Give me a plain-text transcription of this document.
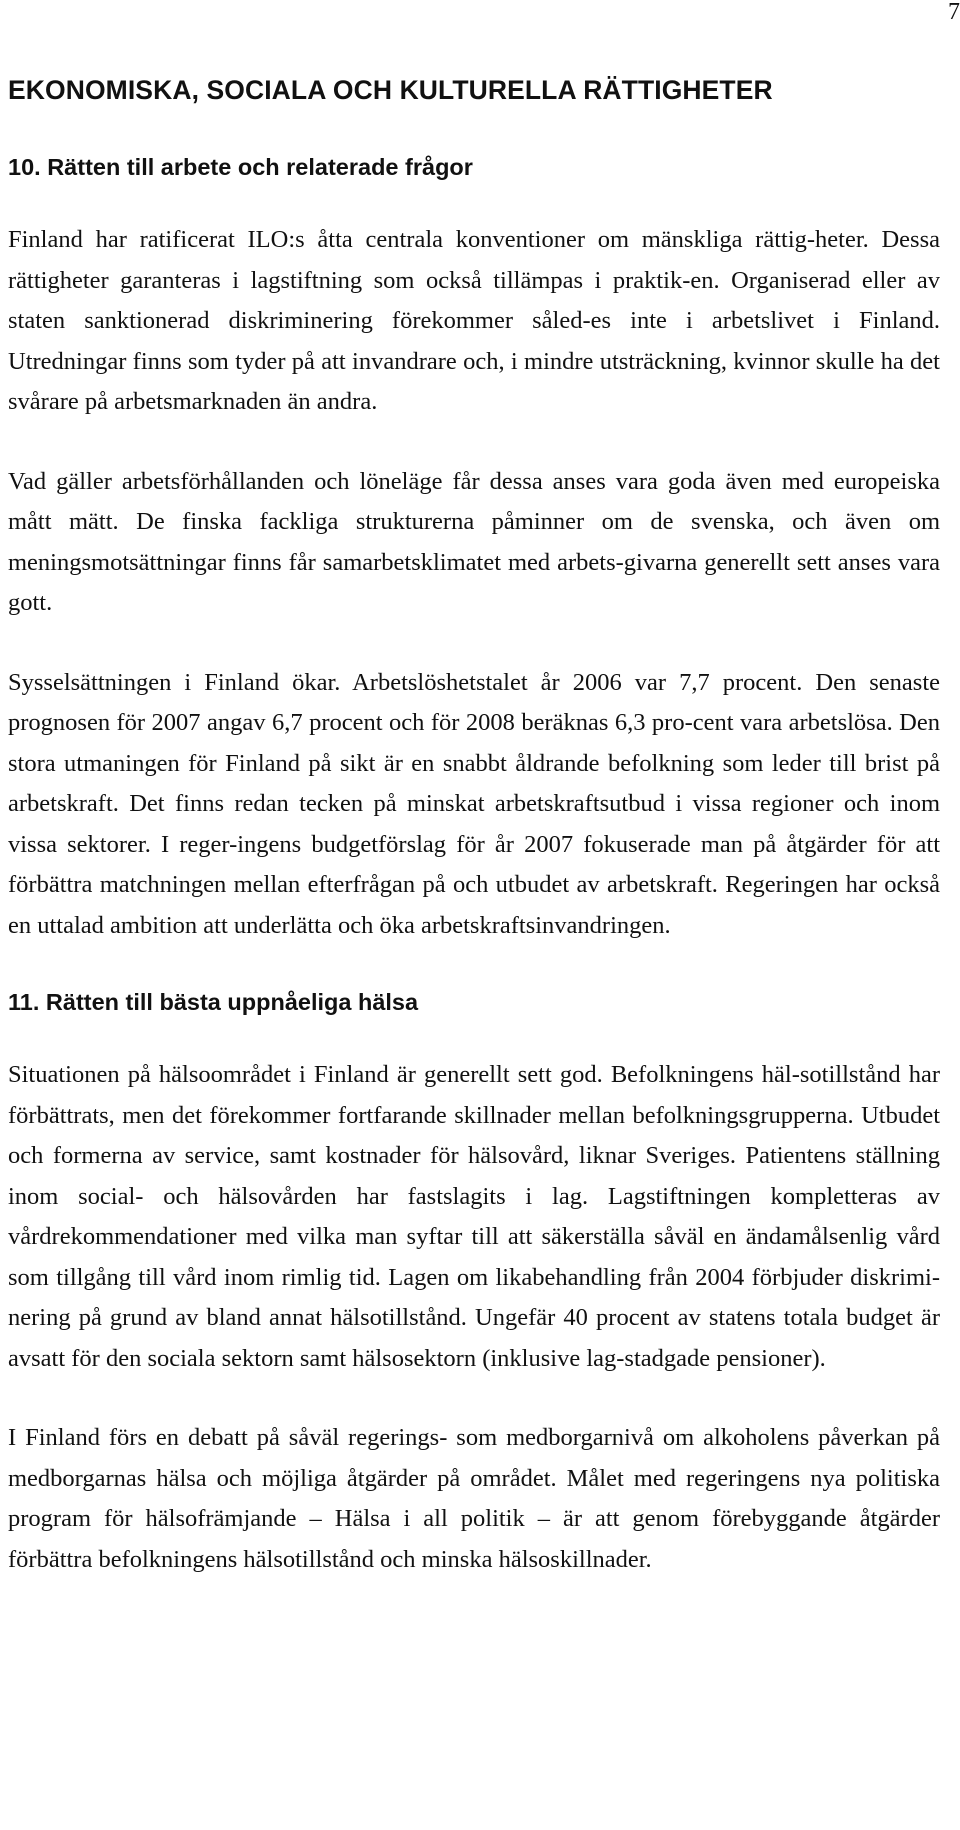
7
EKONOMISKA, SOCIALA OCH KULTURELLA RÄTTIGHETER
10. Rätten till arbete och relaterade frågor

Finland har ratificerat ILO:s åtta centrala konventioner om mänskliga rättig-heter. Dessa rättigheter garanteras i lagstiftning som också tillämpas i praktik-en. Organiserad eller av staten sanktionerad diskriminering förekommer såled-es inte i arbetslivet i Finland. Utredningar finns som tyder på att invandrare och, i mindre utsträckning, kvinnor skulle ha det svårare på arbetsmarknaden än andra.

Vad gäller arbetsförhållanden och löneläge får dessa anses vara goda även med europeiska mått mätt. De finska fackliga strukturerna påminner om de svenska, och även om meningsmotsättningar finns får samarbetsklimatet med arbets-givarna generellt sett anses vara gott.

Sysselsättningen i Finland ökar. Arbetslöshetstalet år 2006 var 7,7 procent. Den senaste prognosen för 2007 angav 6,7 procent och för 2008 beräknas 6,3 pro-cent vara arbetslösa. Den stora utmaningen för Finland på sikt är en snabbt åldrande befolkning som leder till brist på arbetskraft. Det finns redan tecken på minskat arbetskraftsutbud i vissa regioner och inom vissa sektorer. I reger-ingens budgetförslag för år 2007 fokuserade man på åtgärder för att förbättra matchningen mellan efterfrågan på och utbudet av arbetskraft. Regeringen har också en uttalad ambition att underlätta och öka arbetskraftsinvandringen.

11. Rätten till bästa uppnåeliga hälsa

Situationen på hälsoområdet i Finland är generellt sett god. Befolkningens häl-sotillstånd har förbättrats, men det förekommer fortfarande skillnader mellan befolkningsgrupperna. Utbudet och formerna av service, samt kostnader för hälsovård, liknar Sveriges. Patientens ställning inom social- och hälsovården har fastslagits i lag. Lagstiftningen kompletteras av vårdrekommendationer med vilka man syftar till att säkerställa såväl en ändamålsenlig vård som tillgång till vård inom rimlig tid. Lagen om likabehandling från 2004 förbjuder diskrimi-nering på grund av bland annat hälsotillstånd. Ungefär 40 procent av statens totala budget är avsatt för den sociala sektorn samt hälsosektorn (inklusive lag-stadgade pensioner).

I Finland förs en debatt på såväl regerings- som medborgarnivå om alkoholens påverkan på medborgarnas hälsa och möjliga åtgärder på området. Målet med regeringens nya politiska program för hälsofrämjande – Hälsa i all politik – är att genom förebyggande åtgärder förbättra befolkningens hälsotillstånd och minska hälsoskillnader.
